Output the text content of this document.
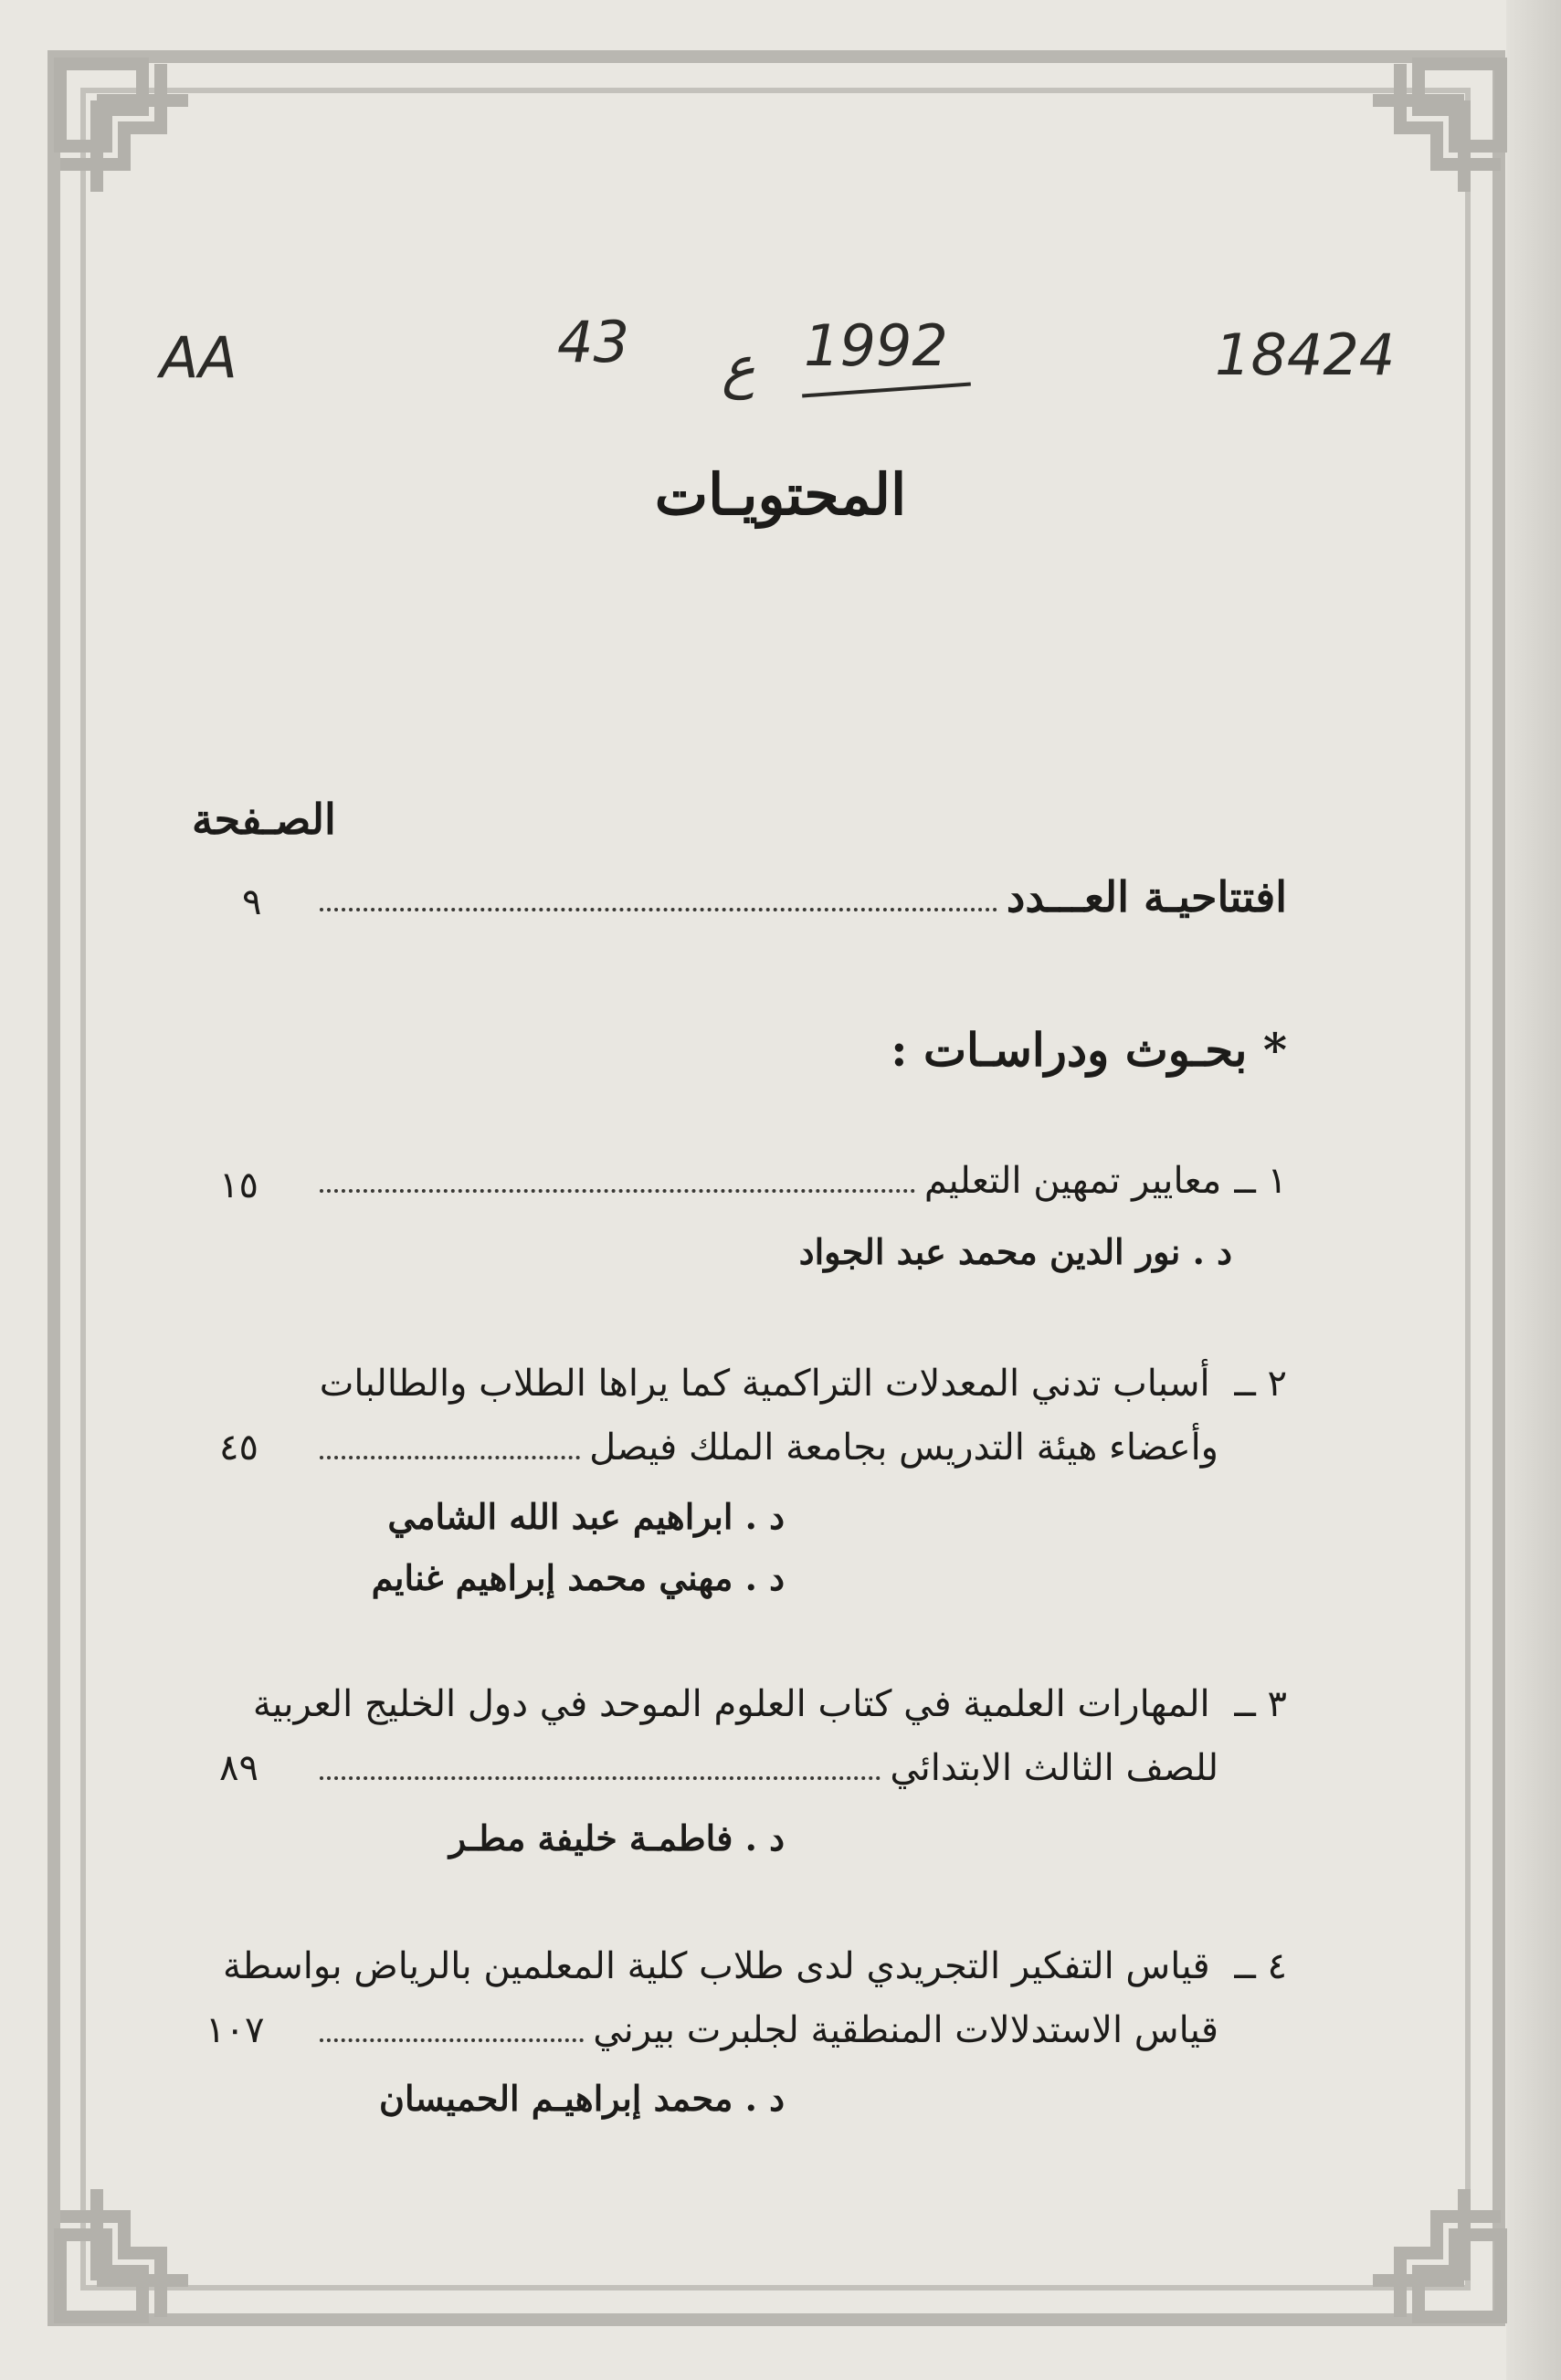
AA	43 ع 1992	18424
المحتويـات
الصـفحة
افتتاحيـة العـــدد
٩
* بحـوث ودراسـات :
١ ــ
معايير تمهين التعليم
١٥
د . نور الدين محمد عبد الجواد
٢ ــ أسباب تدني المعدلات التراكمية كما يراها الطلاب والطالبات
وأعضاء هيئة التدريس بجامعة الملك فيصل
٤٥
د . ابراهيم عبد الله الشامي
د . مهني محمد إبراهيم غنايم
٣ ــ المهارات العلمية في كتاب العلوم الموحد في دول الخليج العربية
للصف الثالث الابتدائي
٨٩
د . فاطمـة خليفة مطـر
٤ ــ قياس التفكير التجريدي لدى طلاب كلية المعلمين بالرياض بواسطة
قياس الاستدلالات المنطقية لجلبرت بيرني
١٠٧
د . محمد إبراهيـم الحميسان
